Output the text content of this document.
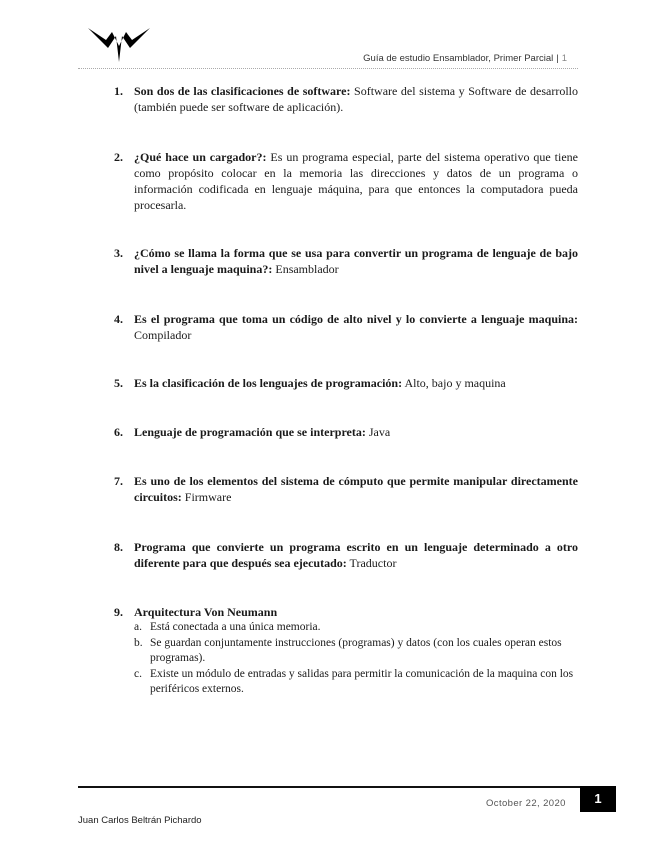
Guía de estudio Ensamblador, Primer Parcial | 1
1. Son dos de las clasificaciones de software: Software del sistema y Software de desarrollo (también puede ser software de aplicación).
2. ¿Qué hace un cargador?: Es un programa especial, parte del sistema operativo que tiene como propósito colocar en la memoria las direcciones y datos de un programa o información codificada en lenguaje máquina, para que entonces la computadora pueda procesarla.
3. ¿Cómo se llama la forma que se usa para convertir un programa de lenguaje de bajo nivel a lenguaje maquina?: Ensamblador
4. Es el programa que toma un código de alto nivel y lo convierte a lenguaje maquina: Compilador
5. Es la clasificación de los lenguajes de programación: Alto, bajo y maquina
6. Lenguaje de programación que se interpreta: Java
7. Es uno de los elementos del sistema de cómputo que permite manipular directamente circuitos: Firmware
8. Programa que convierte un programa escrito en un lenguaje determinado a otro diferente para que después sea ejecutado: Traductor
9. Arquitectura Von Neumann
a. Está conectada a una única memoria.
b. Se guardan conjuntamente instrucciones (programas) y datos (con los cuales operan estos programas).
c. Existe un módulo de entradas y salidas para permitir la comunicación de la maquina con los periféricos externos.
October 22, 2020	1
Juan Carlos Beltrán Pichardo
